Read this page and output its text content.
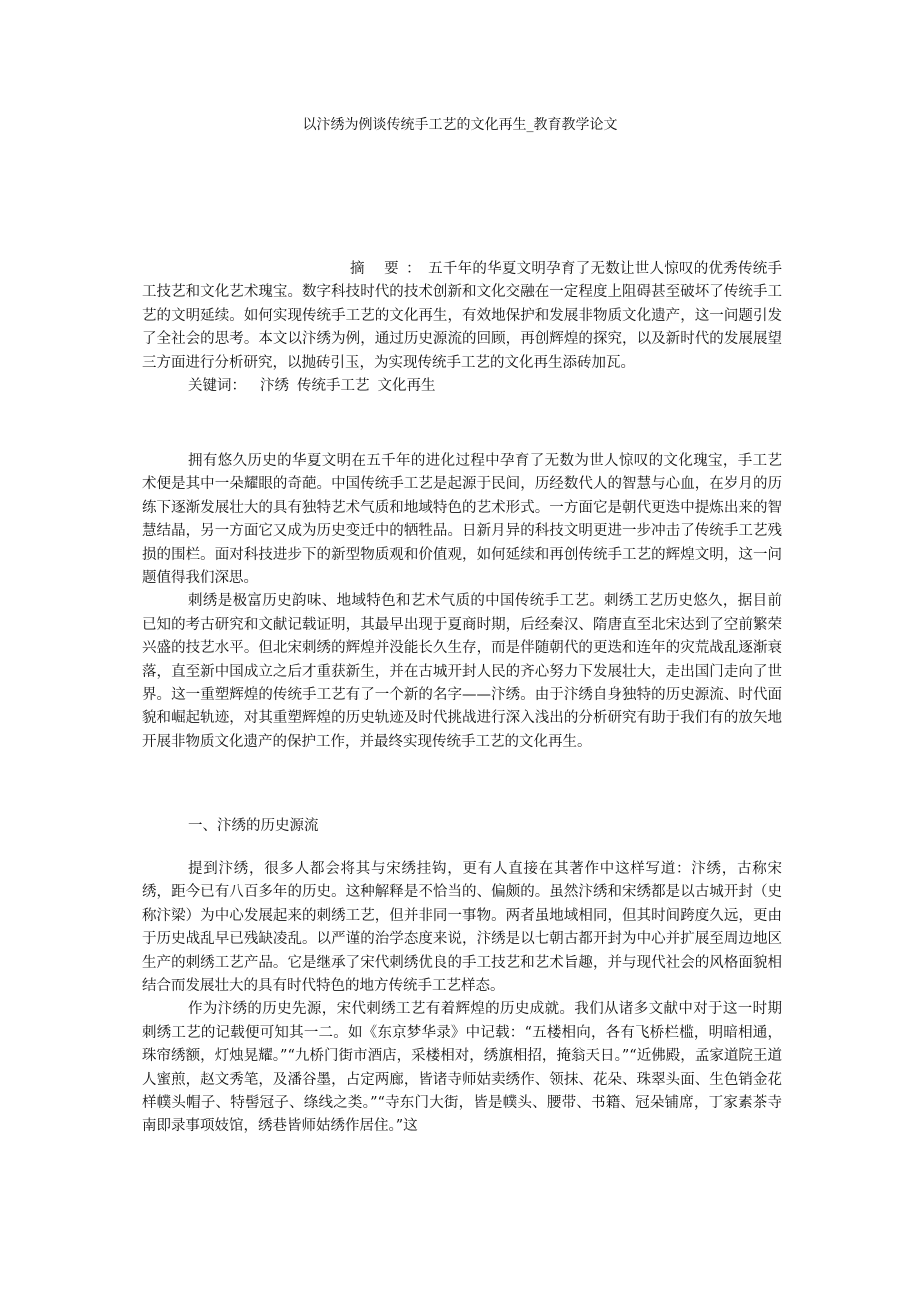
以汴绣为例谈传统手工艺的文化再生_教育教学论文

摘 要：五千年的华夏文明孕育了无数让世人惊叹的优秀传统手工技艺和文化艺术瑰宝。数字科技时代的技术创新和文化交融在一定程度上阻碍甚至破坏了传统手工艺的文明延续。如何实现传统手工艺的文化再生，有效地保护和发展非物质文化遗产，这一问题引发了全社会的思考。本文以汴绣为例，通过历史源流的回顾，再创辉煌的探究，以及新时代的发展展望三方面进行分析研究，以抛砖引玉，为实现传统手工艺的文化再生添砖加瓦。

关键词： 汴绣 传统手工艺 文化再生

拥有悠久历史的华夏文明在五千年的进化过程中孕育了无数为世人惊叹的文化瑰宝，手工艺术便是其中一朵耀眼的奇葩。中国传统手工艺是起源于民间，历经数代人的智慧与心血，在岁月的历练下逐渐发展壮大的具有独特艺术气质和地域特色的艺术形式。一方面它是朝代更迭中提炼出来的智慧结晶，另一方面它又成为历史变迁中的牺牲品。日新月异的科技文明更进一步冲击了传统手工艺残损的围栏。面对科技进步下的新型物质观和价值观，如何延续和再创传统手工艺的辉煌文明，这一问题值得我们深思。

刺绣是极富历史韵味、地域特色和艺术气质的中国传统手工艺。刺绣工艺历史悠久，据目前已知的考古研究和文献记载证明，其最早出现于夏商时期，后经秦汉、隋唐直至北宋达到了空前繁荣兴盛的技艺水平。但北宋刺绣的辉煌并没能长久生存，而是伴随朝代的更迭和连年的灾荒战乱逐渐衰落，直至新中国成立之后才重获新生，并在古城开封人民的齐心努力下发展壮大，走出国门走向了世界。这一重塑辉煌的传统手工艺有了一个新的名字——汴绣。由于汴绣自身独特的历史源流、时代面貌和崛起轨迹，对其重塑辉煌的历史轨迹及时代挑战进行深入浅出的分析研究有助于我们有的放矢地开展非物质文化遗产的保护工作，并最终实现传统手工艺的文化再生。

一、汴绣的历史源流

提到汴绣，很多人都会将其与宋绣挂钩，更有人直接在其著作中这样写道：汴绣，古称宋绣，距今已有八百多年的历史。这种解释是不恰当的、偏颇的。虽然汴绣和宋绣都是以古城开封（史称汴梁）为中心发展起来的刺绣工艺，但并非同一事物。两者虽地域相同，但其时间跨度久远，更由于历史战乱早已残缺凌乱。以严谨的治学态度来说，汴绣是以七朝古都开封为中心并扩展至周边地区生产的刺绣工艺产品。它是继承了宋代刺绣优良的手工技艺和艺术旨趣，并与现代社会的风格面貌相结合而发展壮大的具有时代特色的地方传统手工艺样态。

作为汴绣的历史先源，宋代刺绣工艺有着辉煌的历史成就。我们从诸多文献中对于这一时期刺绣工艺的记载便可知其一二。如《东京梦华录》中记载：“五楼相向，各有飞桥栏槛，明暗相通，珠帘绣额，灯烛晃耀。”“九桥门街市酒店，采楼相对，绣旗相招，掩翁天日。”“近佛殿，孟家道院王道人蜜煎，赵文秀笔，及潘谷墨，占定两廊，皆诸寺师姑卖绣作、领抹、花朵、珠翠头面、生色销金花样幞头帽子、特髻冠子、绦线之类。”“寺东门大街，皆是幞头、腰带、书籍、冠朵铺席，丁家素茶寺南即录事项妓馆，绣巷皆师姑绣作居住。”这
